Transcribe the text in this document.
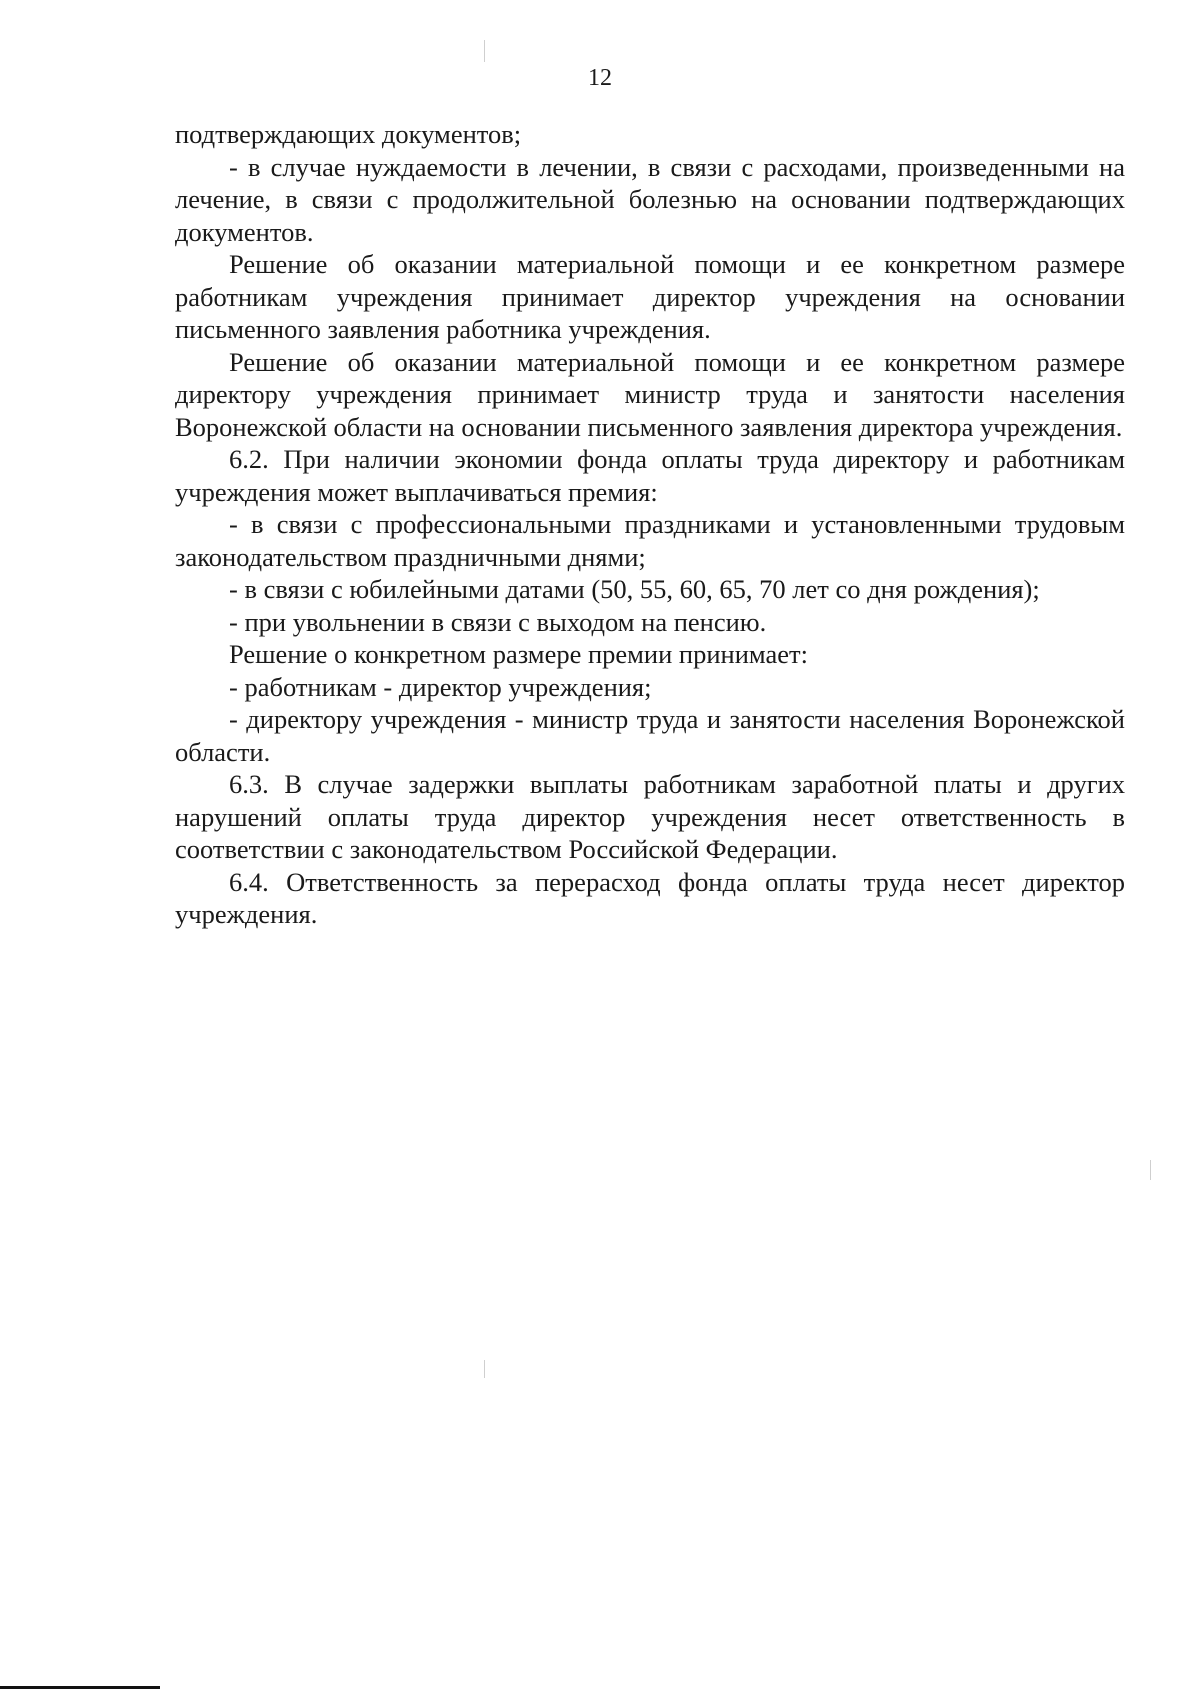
12

подтверждающих документов;

- в случае нуждаемости в лечении, в связи с расходами, произведенными на лечение, в связи с продолжительной болезнью на основании подтверждающих документов.

Решение об оказании материальной помощи и ее конкретном размере работникам учреждения принимает директор учреждения на основании письменного заявления работника учреждения.

Решение об оказании материальной помощи и ее конкретном размере директору учреждения принимает министр труда и занятости населения Воронежской области на основании письменного заявления директора учреждения.

6.2. При наличии экономии фонда оплаты труда директору и работникам учреждения может выплачиваться премия:

- в связи с профессиональными праздниками и установленными трудовым законодательством праздничными днями;

- в связи с юбилейными датами (50, 55, 60, 65, 70 лет со дня рождения);

- при увольнении в связи с выходом на пенсию.

Решение о конкретном размере премии принимает:

- работникам - директор учреждения;

- директору учреждения - министр труда и занятости населения Воронежской области.

6.3. В случае задержки выплаты работникам заработной платы и других нарушений оплаты труда директор учреждения несет ответственность в соответствии с законодательством Российской Федерации.

6.4. Ответственность за перерасход фонда оплаты труда несет директор учреждения.
